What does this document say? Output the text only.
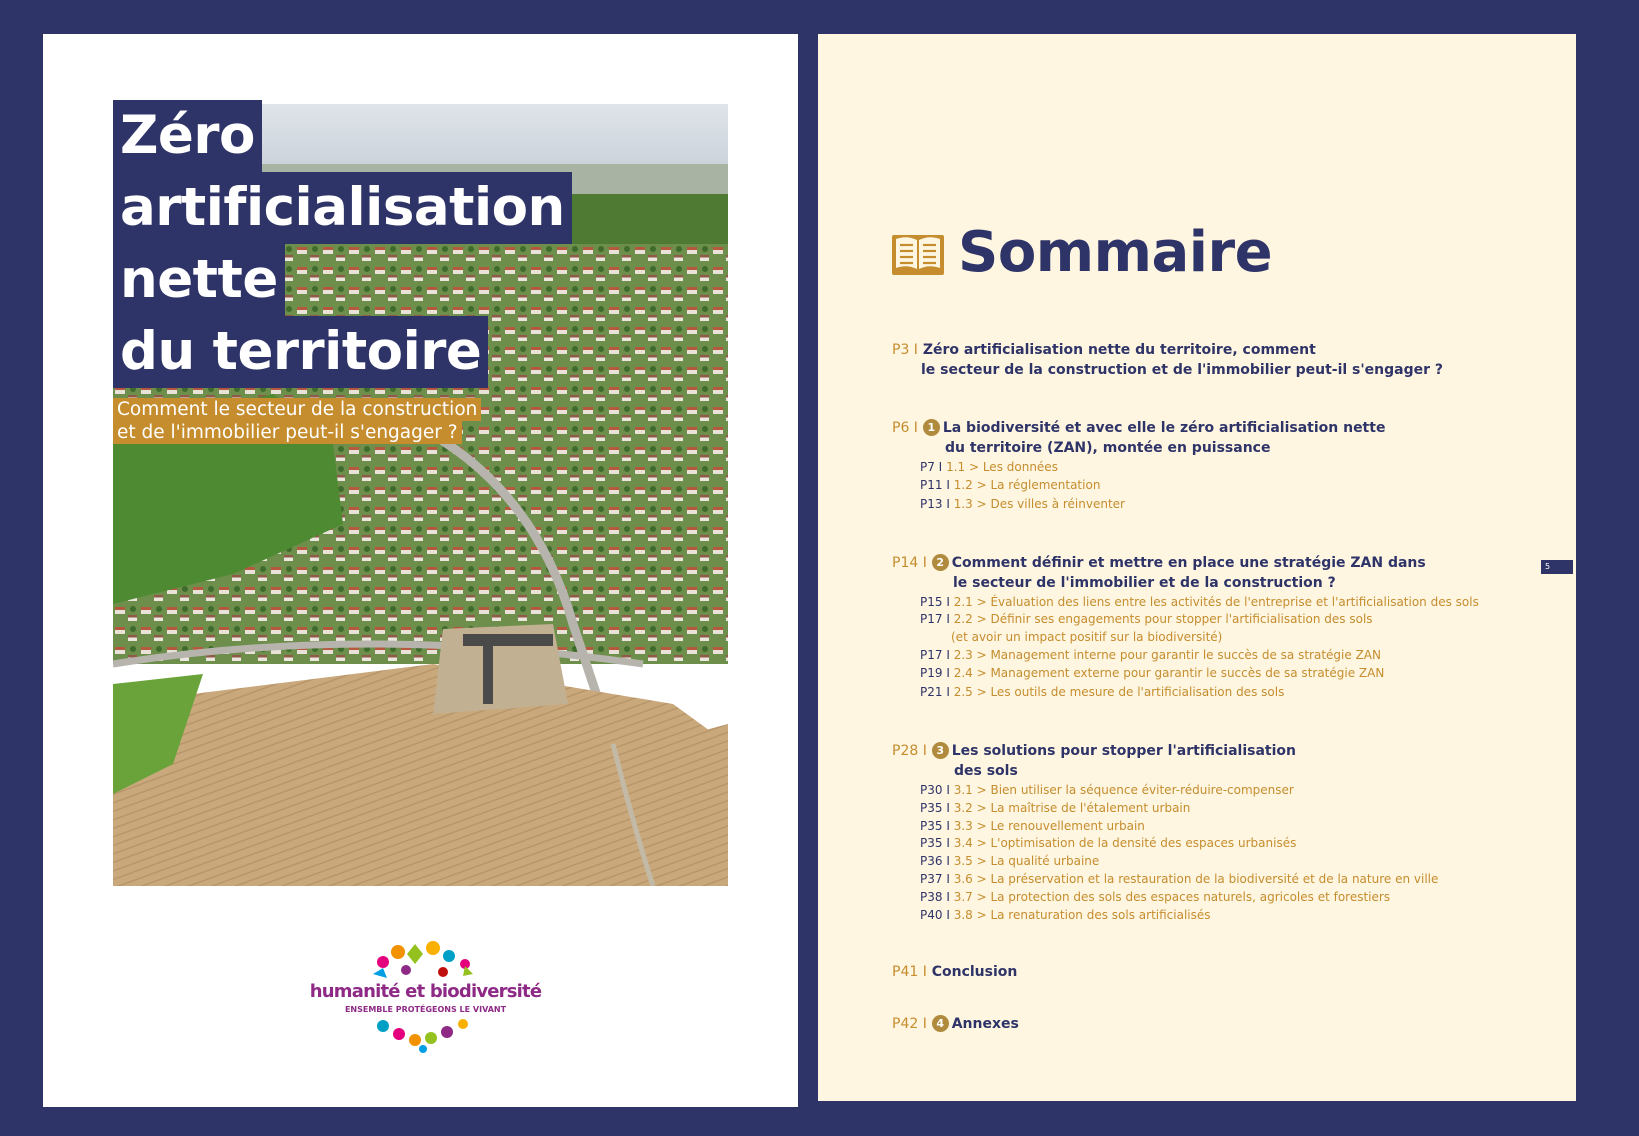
Zéro
artificialisation
nette
du territoire
Comment le secteur de la construction
et de l'immobilier peut-il s'engager ?
humanité et biodiversité
ENSEMBLE PROTÉGEONS LE VIVANT
Sommaire
P3 I Zéro artificialisation nette du territoire, comment
le secteur de la construction et de l'immobilier peut-il s'engager ?
P6 I 1 La biodiversité et avec elle le zéro artificialisation nette
du territoire (ZAN), montée en puissance
P7 I 1.1 > Les données
P11 I 1.2 > La réglementation
P13 I 1.3 > Des villes à réinventer
P14 I 2 Comment définir et mettre en place une stratégie ZAN dans
le secteur de l'immobilier et de la construction ?
P15 I 2.1 > Évaluation des liens entre les activités de l'entreprise et l'artificialisation des sols
P17 I 2.2 > Définir ses engagements pour stopper l'artificialisation des sols
(et avoir un impact positif sur la biodiversité)
P17 I 2.3 > Management interne pour garantir le succès de sa stratégie ZAN
P19 I 2.4 > Management externe pour garantir le succès de sa stratégie ZAN
P21 I 2.5 > Les outils de mesure de l'artificialisation des sols
P28 I 3 Les solutions pour stopper l'artificialisation
des sols
P30 I 3.1 > Bien utiliser la séquence éviter-réduire-compenser
P35 I 3.2 > La maîtrise de l'étalement urbain
P35 I 3.3 > Le renouvellement urbain
P35 I 3.4 > L'optimisation de la densité des espaces urbanisés
P36 I 3.5 > La qualité urbaine
P37 I 3.6 > La préservation et la restauration de la biodiversité et de la nature en ville
P38 I 3.7 > La protection des sols des espaces naturels, agricoles et forestiers
P40 I 3.8 > La renaturation des sols artificialisés
P41 I Conclusion
P42 I 4 Annexes
5
